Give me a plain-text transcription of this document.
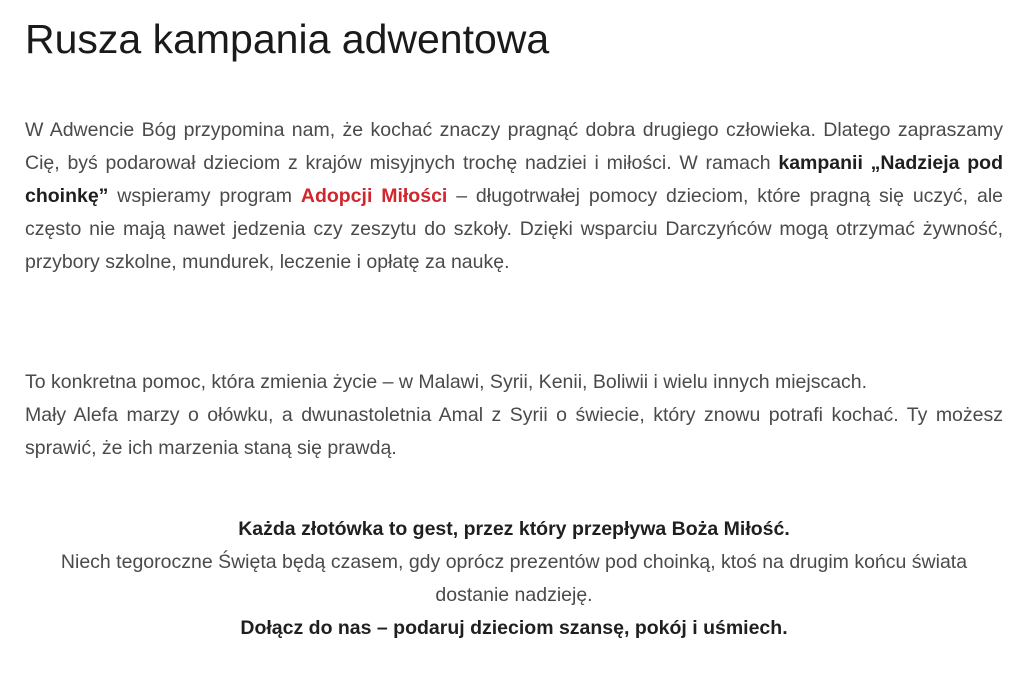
Rusza kampania adwentowa

W Adwencie Bóg przypomina nam, że kochać znaczy pragnąć dobra drugiego człowieka. Dlatego zapraszamy Cię, byś podarował dzieciom z krajów misyjnych trochę nadziei i miłości. W ramach kampanii „Nadzieja pod choinkę” wspieramy program Adopcji Miłości – długotrwałej pomocy dzieciom, które pragną się uczyć, ale często nie mają nawet jedzenia czy zeszytu do szkoły. Dzięki wsparciu Darczyńców mogą otrzymać żywność, przybory szkolne, mundurek, leczenie i opłatę za naukę.

To konkretna pomoc, która zmienia życie – w Malawi, Syrii, Kenii, Boliwii i wielu innych miejscach.
Mały Alefa marzy o ołówku, a dwunastoletnia Amal z Syrii o świecie, który znowu potrafi kochać. Ty możesz sprawić, że ich marzenia staną się prawdą.

Każda złotówka to gest, przez który przepływa Boża Miłość.
Niech tegoroczne Święta będą czasem, gdy oprócz prezentów pod choinką, ktoś na drugim końcu świata dostanie nadzieję.
Dołącz do nas – podaruj dzieciom szansę, pokój i uśmiech.
